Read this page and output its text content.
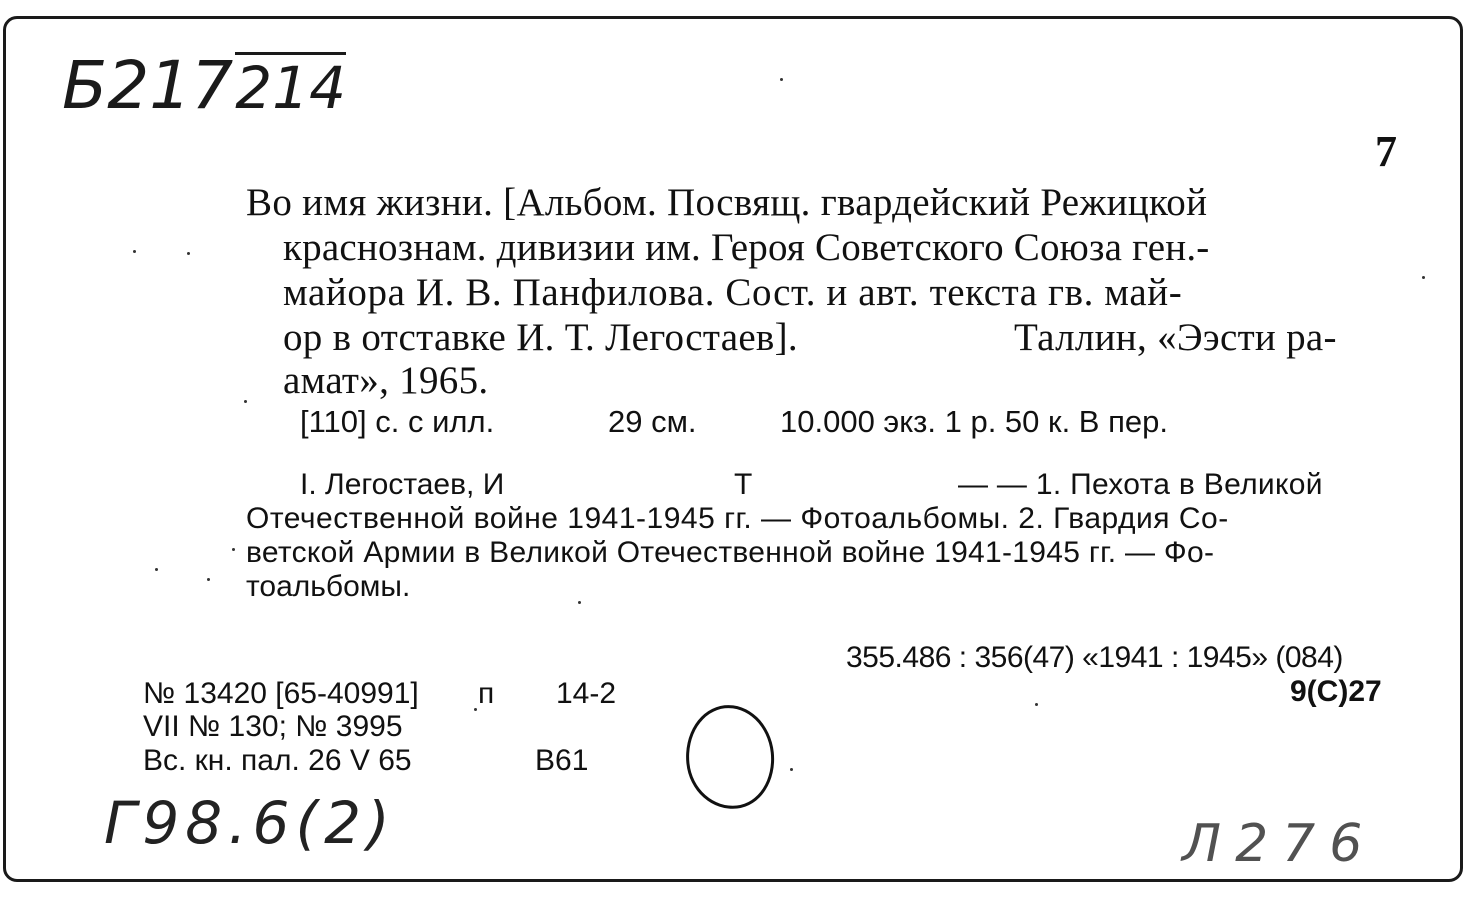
Б217214
7
Во имя жизни. [Альбом. Посвящ. гвардейский Режицкой
краснознам. дивизии им. Героя Советского Союза ген.-
майора И. В. Панфилова. Сост. и авт. текста гв. май-
ор в отставке И. Т. Легостаев].	Таллин, «Ээсти ра-
амат», 1965.
[110] с. с илл.	29 см.	10.000 экз. 1 р. 50 к. В пер.
I. Легостаев, И	Т	— — 1. Пехота в Великой
Отечественной войне 1941-1945 гг. — Фотоальбомы. 2. Гвардия Со-
ветской Армии в Великой Отечественной войне 1941-1945 гг. — Фо-
тоальбомы.
355.486 : 356(47) «1941 : 1945» (084)
9(С)27
№ 13420 [65-40991] п 14-2
VII № 130; № 3995
Вс. кн. пал. 26 V 65	В61
Г98.6(2)	Л276
